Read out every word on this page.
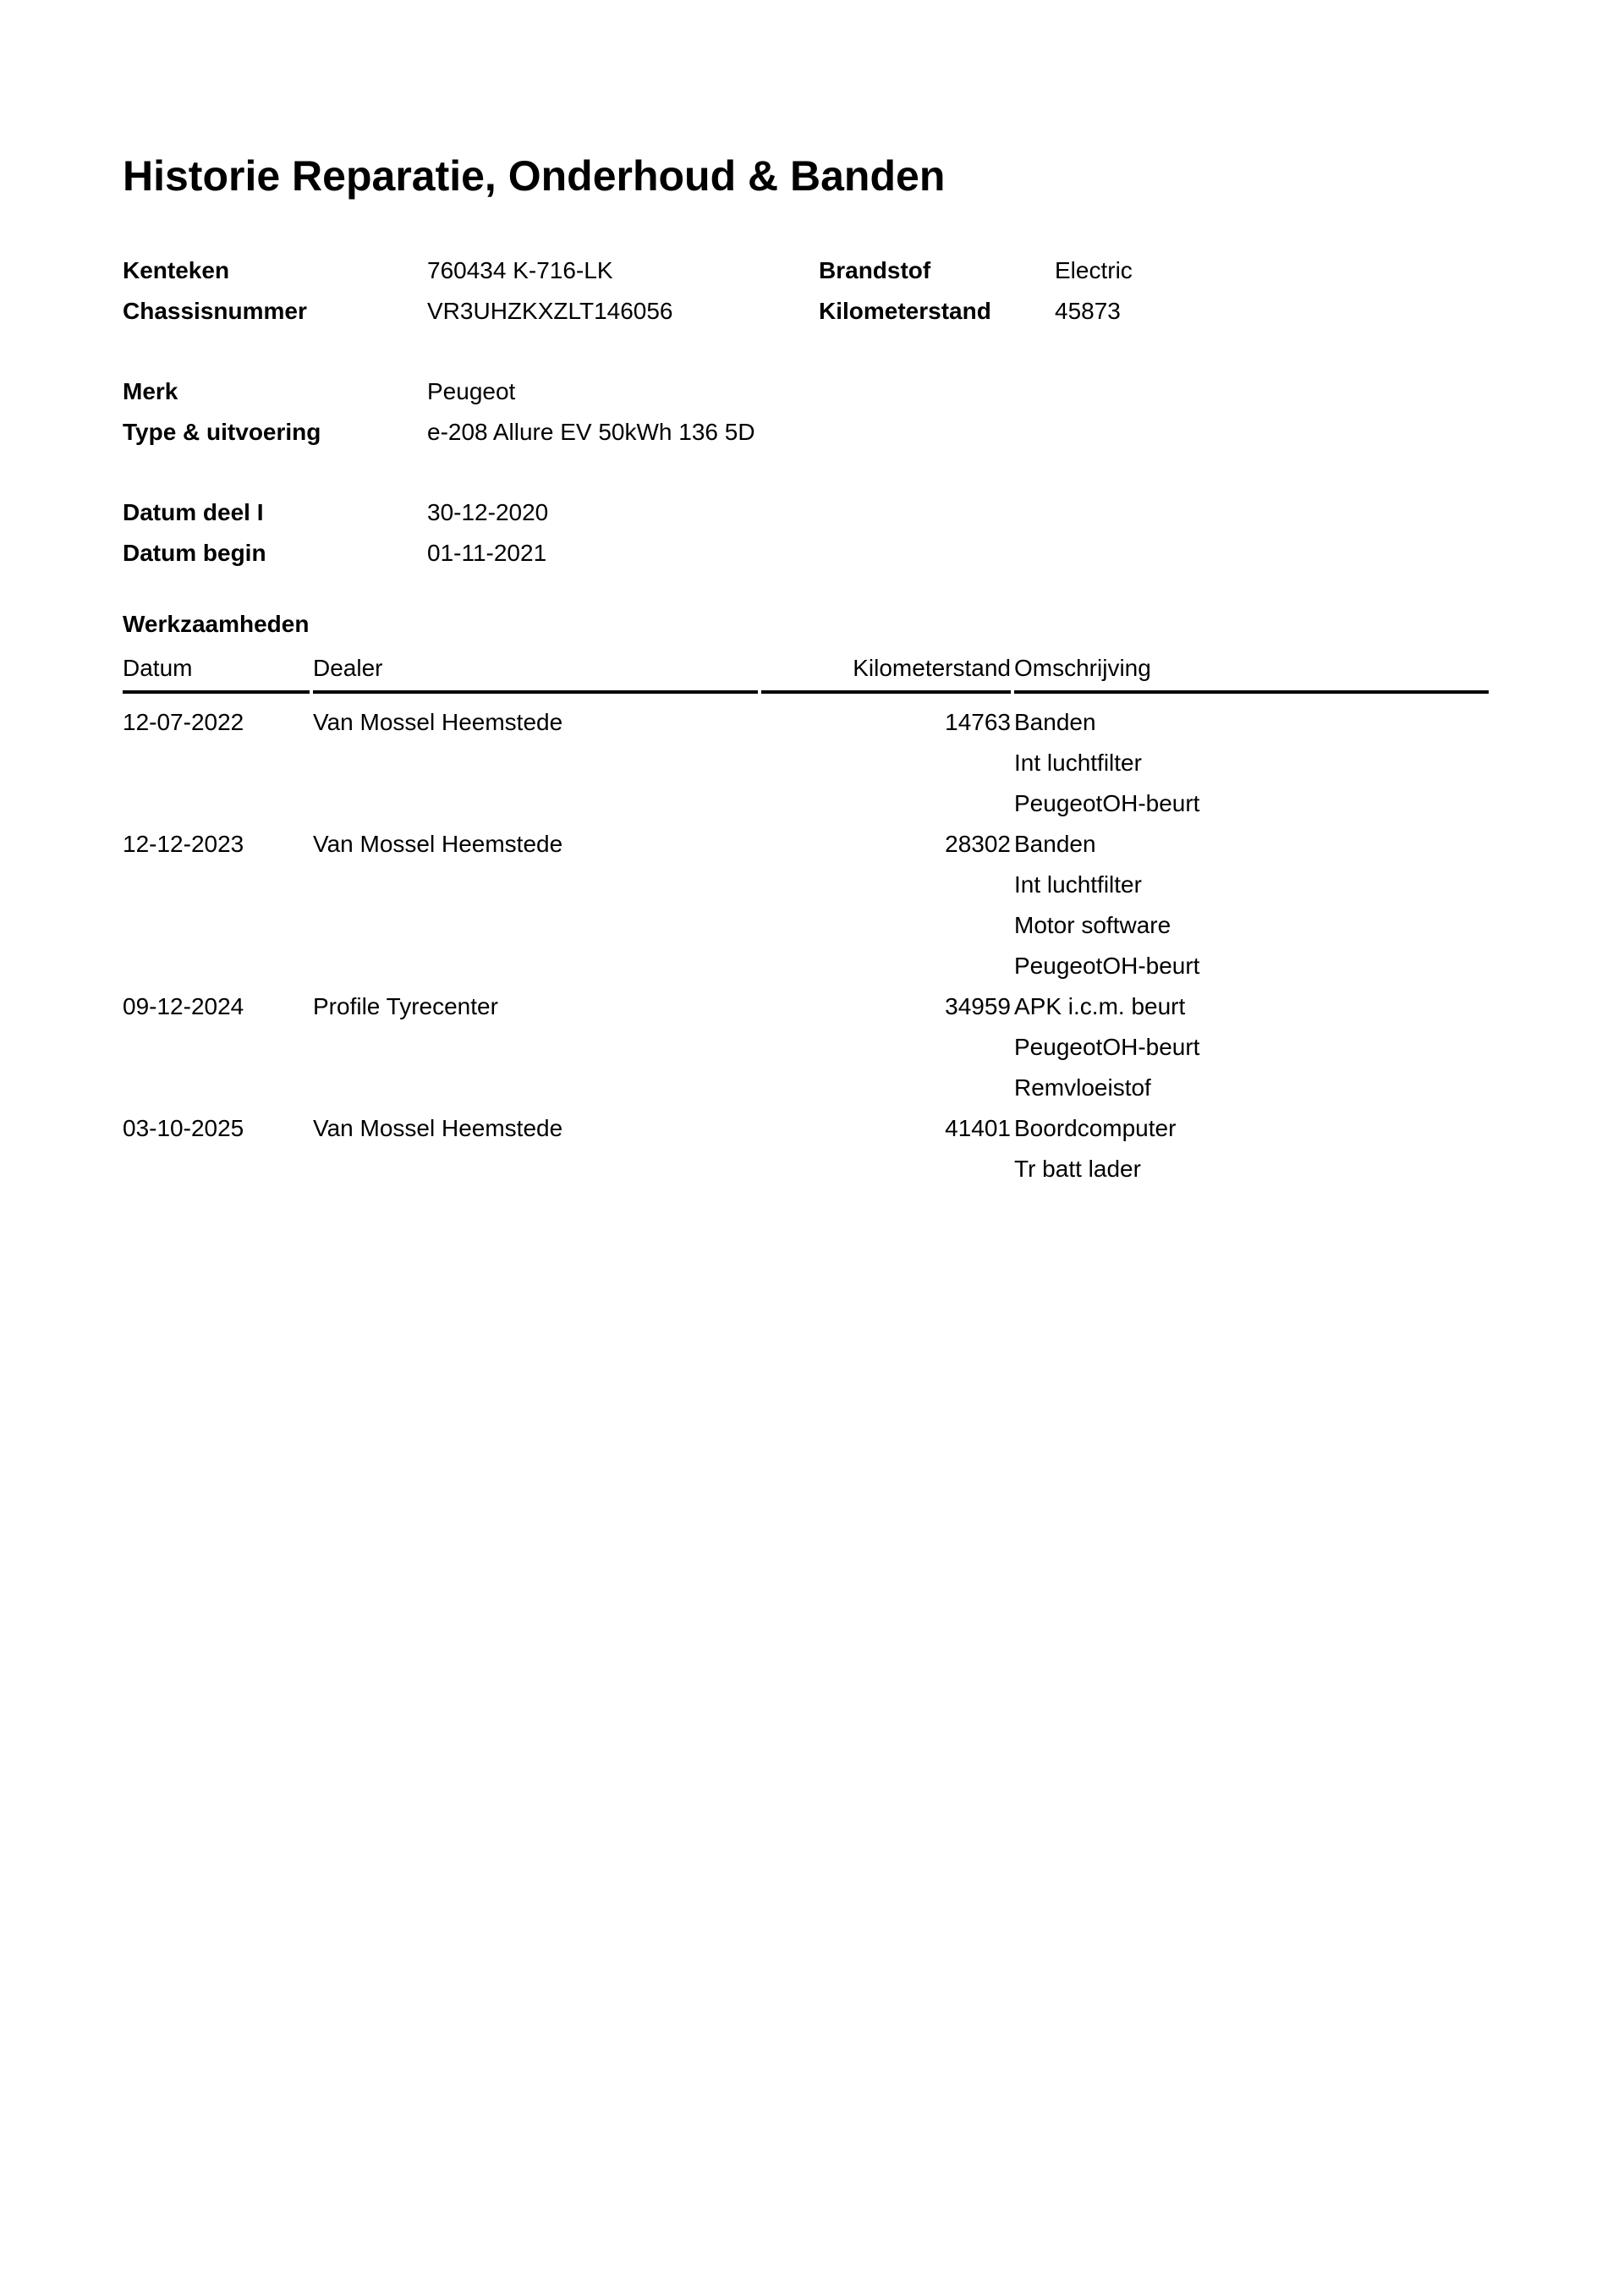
Historie Reparatie, Onderhoud & Banden
Kenteken	760434 K-716-LK	Brandstof	Electric
Chassisnummer	VR3UHZKXZLT146056	Kilometerstand	45873
Merk	Peugeot
Type & uitvoering	e-208 Allure EV 50kWh 136 5D
Datum deel I	30-12-2020
Datum begin	01-11-2021
Werkzaamheden
Datum	Dealer	Kilometerstand Omschrijving
12-07-2022	Van Mossel Heemstede	14763 Banden
Int luchtfilter
PeugeotOH-beurt
12-12-2023	Van Mossel Heemstede	28302 Banden
Int luchtfilter
Motor software
PeugeotOH-beurt
09-12-2024	Profile Tyrecenter	34959 APK i.c.m. beurt
PeugeotOH-beurt
Remvloeistof
03-10-2025	Van Mossel Heemstede	41401 Boordcomputer
Tr batt lader
